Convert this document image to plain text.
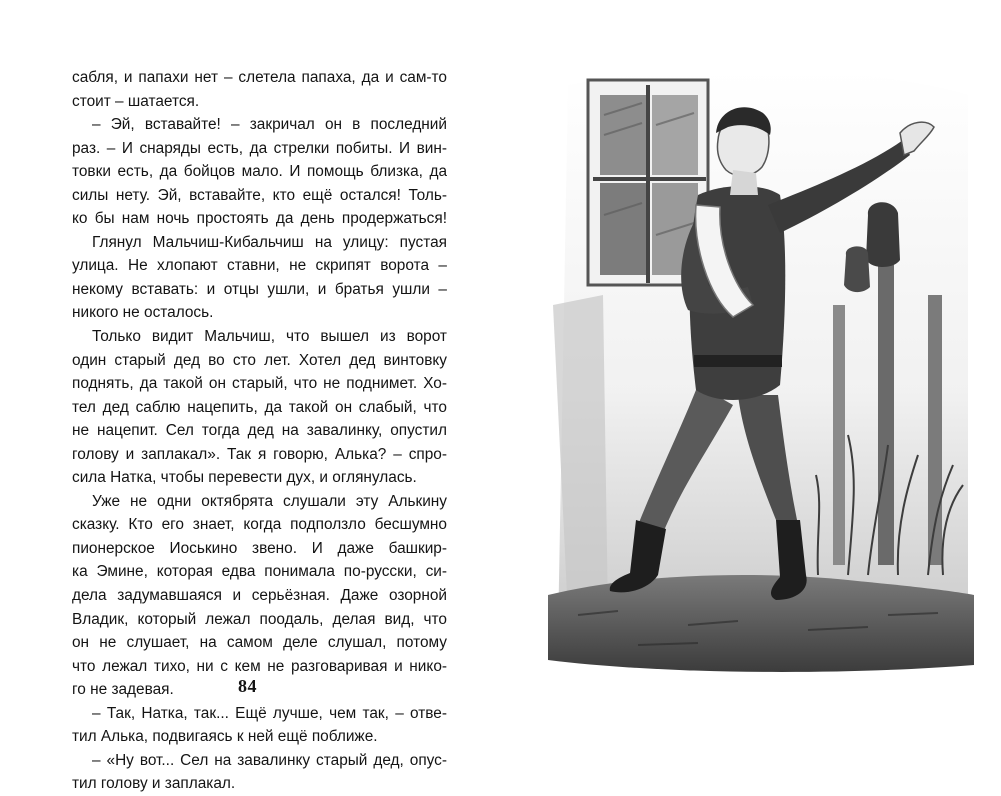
сабля, и папахи нет – слетела папаха, да и сам-то
стоит – шатается.
– Эй, вставайте! – закричал он в последний
раз. – И снаряды есть, да стрелки побиты. И вин-
товки есть, да бойцов мало. И помощь близка, да
силы нету. Эй, вставайте, кто ещё остался! Толь-
ко бы нам ночь простоять да день продержаться!
Глянул Мальчиш-Кибальчиш на улицу: пустая
улица. Не хлопают ставни, не скрипят ворота –
некому вставать: и отцы ушли, и братья ушли –
никого не осталось.
Только видит Мальчиш, что вышел из ворот
один старый дед во сто лет. Хотел дед винтовку
поднять, да такой он старый, что не поднимет. Хо-
тел дед саблю нацепить, да такой он слабый, что
не нацепит. Сел тогда дед на завалинку, опустил
голову и заплакал». Так я говорю, Алька? – спро-
сила Натка, чтобы перевести дух, и оглянулась.
Уже не одни октябрята слушали эту Алькину
сказку. Кто его знает, когда подползло бесшумно
пионерское Иоськино звено. И даже башкир-
ка Эмине, которая едва понимала по-русски, си-
дела задумавшаяся и серьёзная. Даже озорной
Владик, который лежал поодаль, делая вид, что
он не слушает, на самом деле слушал, потому
что лежал тихо, ни с кем не разговаривая и нико-
го не задевая.
– Так, Натка, так... Ещё лучше, чем так, – отве-
тил Алька, подвигаясь к ней ещё поближе.
– «Ну вот... Сел на завалинку старый дед, опус-
тил голову и заплакал.
84
